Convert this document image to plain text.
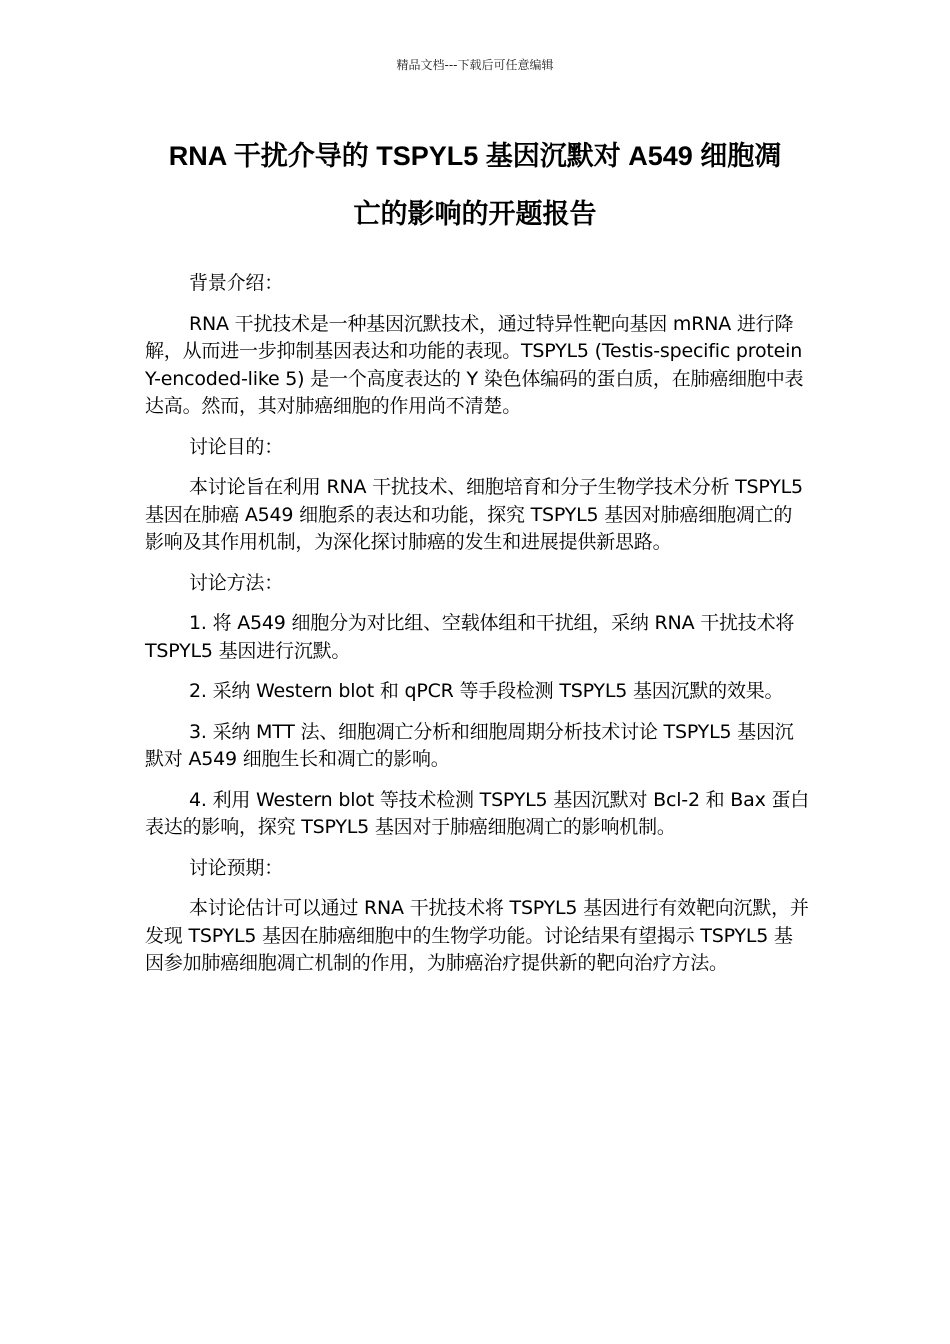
精品文档---下载后可任意编辑
RNA 干扰介导的 TSPYL5 基因沉默对 A549 细胞凋
亡的影响的开题报告

背景介绍：

RNA 干扰技术是一种基因沉默技术，通过特异性靶向基因 mRNA 进行降解，从而进一步抑制基因表达和功能的表现。TSPYL5 (Testis-specific protein Y-encoded-like 5) 是一个高度表达的 Y 染色体编码的蛋白质，在肺癌细胞中表达高。然而，其对肺癌细胞的作用尚不清楚。

讨论目的：

本讨论旨在利用 RNA 干扰技术、细胞培育和分子生物学技术分析 TSPYL5 基因在肺癌 A549 细胞系的表达和功能，探究 TSPYL5 基因对肺癌细胞凋亡的影响及其作用机制，为深化探讨肺癌的发生和进展提供新思路。

讨论方法：

1. 将 A549 细胞分为对比组、空载体组和干扰组，采纳 RNA 干扰技术将 TSPYL5 基因进行沉默。

2. 采纳 Western blot 和 qPCR 等手段检测 TSPYL5 基因沉默的效果。

3. 采纳 MTT 法、细胞凋亡分析和细胞周期分析技术讨论 TSPYL5 基因沉默对 A549 细胞生长和凋亡的影响。

4. 利用 Western blot 等技术检测 TSPYL5 基因沉默对 Bcl-2 和 Bax 蛋白表达的影响，探究 TSPYL5 基因对于肺癌细胞凋亡的影响机制。

讨论预期：

本讨论估计可以通过 RNA 干扰技术将 TSPYL5 基因进行有效靶向沉默，并发现 TSPYL5 基因在肺癌细胞中的生物学功能。讨论结果有望揭示 TSPYL5 基因参加肺癌细胞凋亡机制的作用，为肺癌治疗提供新的靶向治疗方法。
